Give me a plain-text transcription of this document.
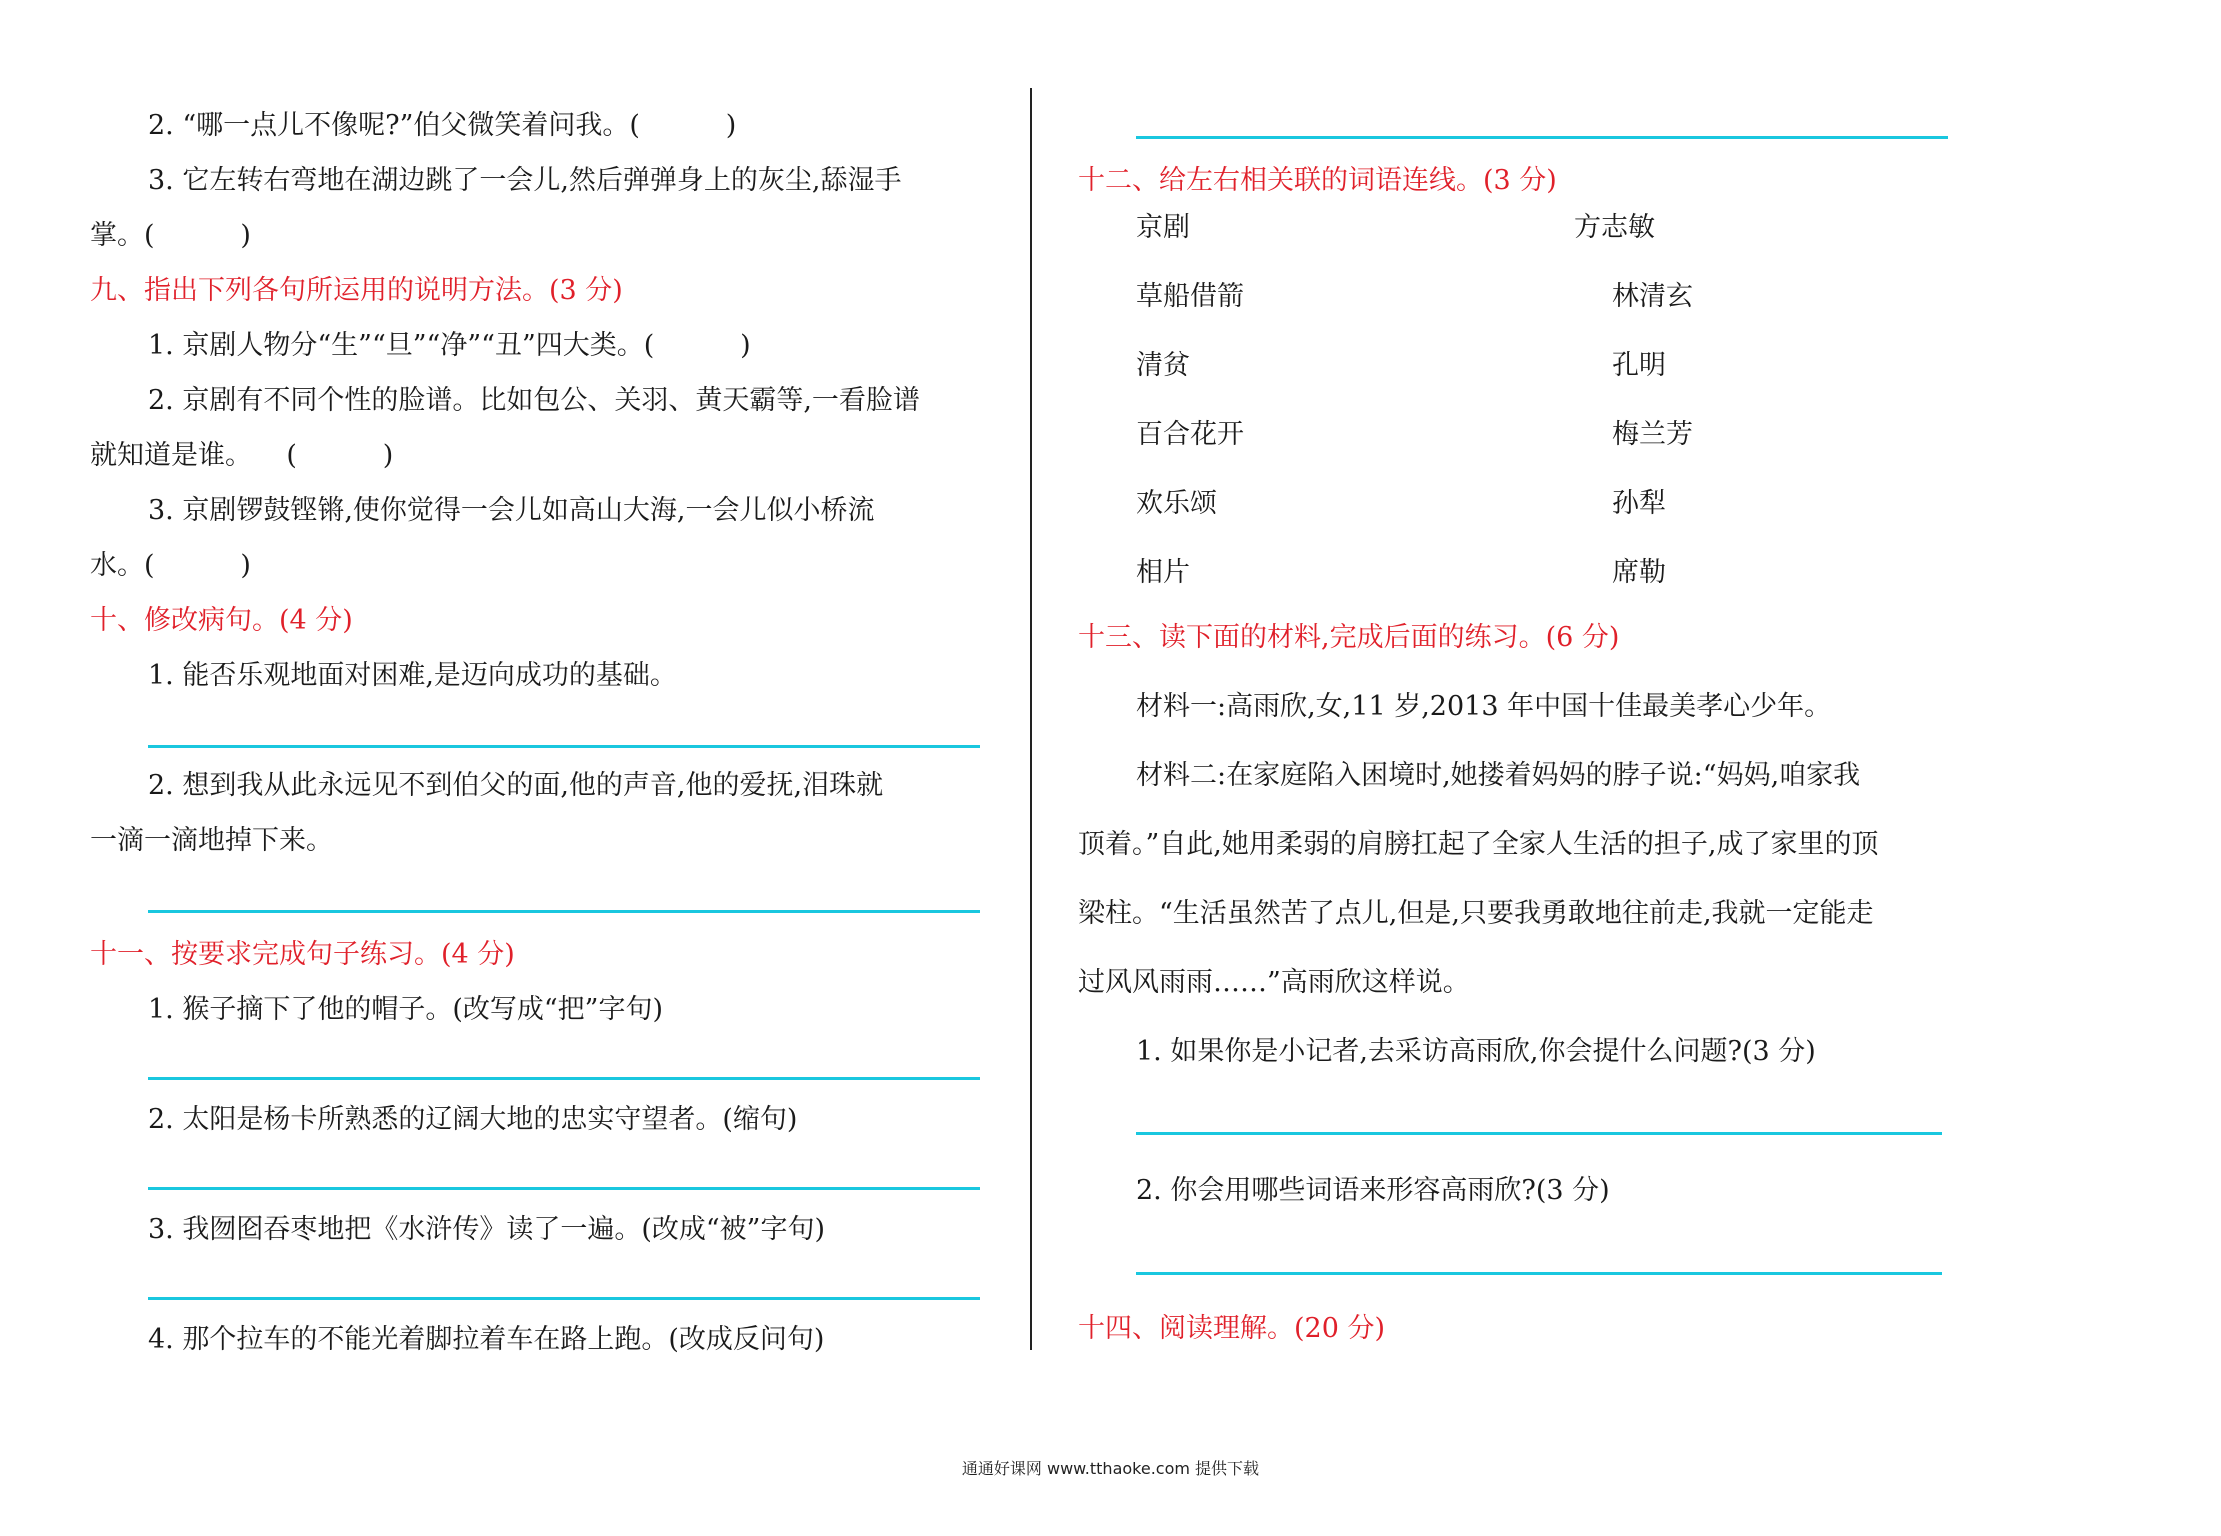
2. “哪一点儿不像呢?”伯父微笑着问我。(          )
3. 它左转右弯地在湖边跳了一会儿,然后弹弹身上的灰尘,舔湿手
掌。(          )
九、指出下列各句所运用的说明方法。(3 分)
1. 京剧人物分“生”“旦”“净”“丑”四大类。(          )
2. 京剧有不同个性的脸谱。比如包公、关羽、黄天霸等,一看脸谱
就知道是谁。    (          )
3. 京剧锣鼓铿锵,使你觉得一会儿如高山大海,一会儿似小桥流
水。(          )
十、修改病句。(4 分)
1. 能否乐观地面对困难,是迈向成功的基础。
2. 想到我从此永远见不到伯父的面,他的声音,他的爱抚,泪珠就
一滴一滴地掉下来。
十一、按要求完成句子练习。(4 分)
1. 猴子摘下了他的帽子。(改写成“把”字句)
2. 太阳是杨卡所熟悉的辽阔大地的忠实守望者。(缩句)
3. 我囫囵吞枣地把《水浒传》读了一遍。(改成“被”字句)
4. 那个拉车的不能光着脚拉着车在路上跑。(改成反问句)
十二、给左右相关联的词语连线。(3 分)
京剧	方志敏
草船借箭	林清玄
清贫	孔明
百合花开	梅兰芳
欢乐颂	孙犁
相片	席勒
十三、读下面的材料,完成后面的练习。(6 分)
材料一:高雨欣,女,11 岁,2013 年中国十佳最美孝心少年。
材料二:在家庭陷入困境时,她搂着妈妈的脖子说:“妈妈,咱家我
顶着。”自此,她用柔弱的肩膀扛起了全家人生活的担子,成了家里的顶
梁柱。“生活虽然苦了点儿,但是,只要我勇敢地往前走,我就一定能走
过风风雨雨……”高雨欣这样说。
1. 如果你是小记者,去采访高雨欣,你会提什么问题?(3 分)
2. 你会用哪些词语来形容高雨欣?(3 分)
十四、阅读理解。(20 分)
通通好课网 www.tthaoke.com 提供下载
